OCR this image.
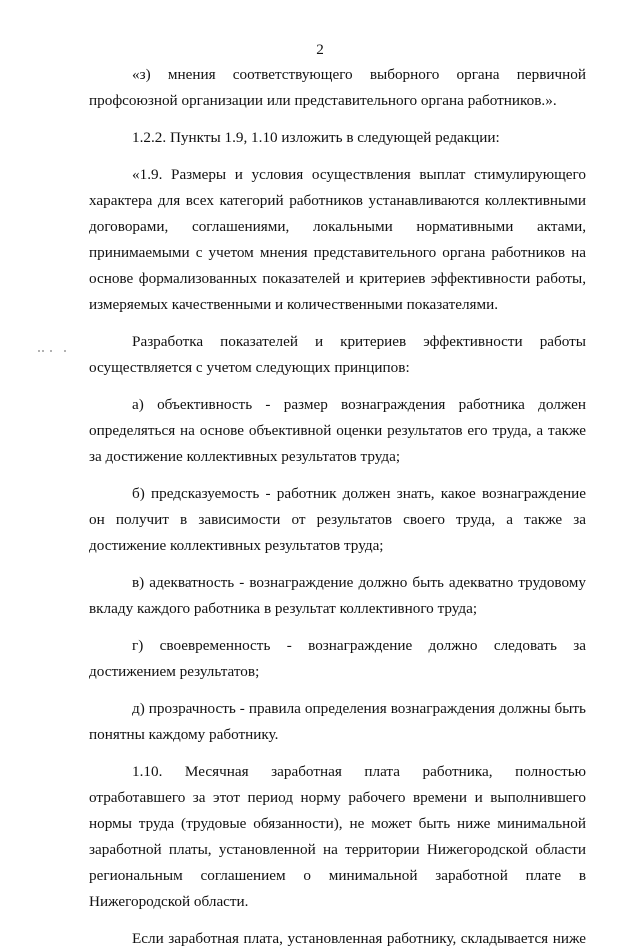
2

«з) мнения соответствующего выборного органа первичной профсоюзной организации или представительного органа работников.».

1.2.2. Пункты 1.9, 1.10 изложить в следующей редакции:

«1.9. Размеры и условия осуществления выплат стимулирующего характера для всех категорий работников устанавливаются коллективными договорами, соглашениями, локальными нормативными актами, принимаемыми с учетом мнения представительного органа работников на основе формализованных показателей и критериев эффективности работы, измеряемых качественными и количественными показателями.

Разработка показателей и критериев эффективности работы осуществляется с учетом следующих принципов:

а) объективность - размер вознаграждения работника должен определяться на основе объективной оценки результатов его труда, а также за достижение коллективных результатов труда;

б) предсказуемость - работник должен знать, какое вознаграждение он получит в зависимости от результатов своего труда, а также за достижение коллективных результатов труда;

в) адекватность - вознаграждение должно быть адекватно трудовому вкладу каждого работника в результат коллективного труда;

г) своевременность - вознаграждение должно следовать за достижением результатов;

д) прозрачность - правила определения вознаграждения должны быть понятны каждому работнику.

1.10. Месячная заработная плата работника, полностью отработавшего за этот период норму рабочего времени и выполнившего нормы труда (трудовые обязанности), не может быть ниже минимальной заработной платы, установленной на территории Нижегородской области региональным соглашением о минимальной заработной плате в Нижегородской области.

Если заработная плата, установленная работнику, складывается ниже
